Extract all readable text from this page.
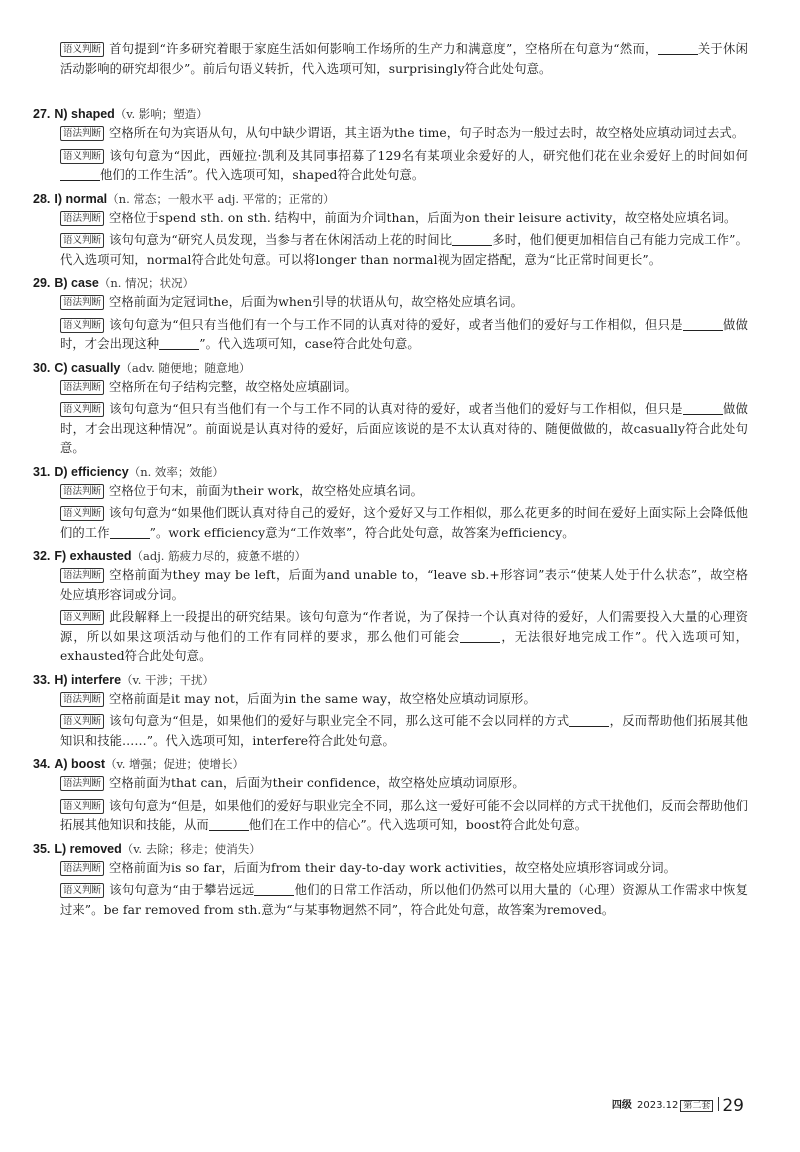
语义判断 首句提到“许多研究着眼于家庭生活如何影响工作场所的生产力和满意度”，空格所在句意为“然而，	关于休闲活动影响的研究却很少”。前后句语义转折，代入选项可知，surprisingly符合此处句意。

27. N) shaped（v. 影响；塑造）

语法判断 空格所在句为宾语从句，从句中缺少谓语，其主语为the time，句子时态为一般过去时，故空格处应填动词过去式。

语义判断 该句句意为“因此，西娅拉·凯利及其同事招募了129名有某项业余爱好的人，研究他们花在业余爱好上的时间如何他们的工作生活”。代入选项可知，shaped符合此处句意。

28. I) normal（n. 常态；一般水平 adj. 平常的；正常的）

语法判断 空格位于spend sth. on sth. 结构中，前面为介词than，后面为on their leisure activity，故空格处应填名词。

语义判断 该句句意为“研究人员发现，当参与者在休闲活动上花的时间比	多时，他们便更加相信自己有能力完成工作”。代入选项可知，normal符合此处句意。可以将longer than normal视为固定搭配，意为“比正常时间更长”。

29. B) case（n. 情况；状况）

语法判断 空格前面为定冠词the，后面为when引导的状语从句，故空格处应填名词。

语义判断 该句句意为“但只有当他们有一个与工作不同的认真对待的爱好，或者当他们的爱好与工作相似，但只是	做做时，才会出现这种	”。代入选项可知，case符合此处句意。

30. C) casually（adv. 随便地；随意地）

语法判断 空格所在句子结构完整，故空格处应填副词。

语义判断 该句句意为“但只有当他们有一个与工作不同的认真对待的爱好，或者当他们的爱好与工作相似，但只是	做做时，才会出现这种情况”。前面说是认真对待的爱好，后面应该说的是不太认真对待的、随便做做的，故casually符合此处句意。

31. D) efficiency（n. 效率；效能）

语法判断 空格位于句末，前面为their work，故空格处应填名词。

语义判断 该句句意为“如果他们既认真对待自己的爱好，这个爱好又与工作相似，那么花更多的时间在爱好上面实际上会降低他们的工作	”。work efficiency意为“工作效率”，符合此处句意，故答案为efficiency。

32. F) exhausted（adj. 筋疲力尽的，疲惫不堪的）

语法判断 空格前面为they may be left，后面为and unable to，“leave sb.+形容词”表示“使某人处于什么状态”，故空格处应填形容词或分词。

语义判断 此段解释上一段提出的研究结果。该句句意为“作者说，为了保持一个认真对待的爱好，人们需要投入大量的心理资源，所以如果这项活动与他们的工作有同样的要求，那么他们可能会	，无法很好地完成工作”。代入选项可知，exhausted符合此处句意。

33. H) interfere（v. 干涉；干扰）

语法判断 空格前面是it may not，后面为in the same way，故空格处应填动词原形。

语义判断 该句句意为“但是，如果他们的爱好与职业完全不同，那么这可能不会以同样的方式	，反而帮助他们拓展其他知识和技能……”。代入选项可知，interfere符合此处句意。

34. A) boost（v. 增强；促进；使增长）

语法判断 空格前面为that can，后面为their confidence，故空格处应填动词原形。

语义判断 该句句意为“但是，如果他们的爱好与职业完全不同，那么这一爱好可能不会以同样的方式干扰他们，反而会帮助他们拓展其他知识和技能，从而	他们在工作中的信心”。代入选项可知，boost符合此处句意。

35. L) removed（v. 去除；移走；使消失）

语法判断 空格前面为is so far，后面为from their day-to-day work activities，故空格处应填形容词或分词。

语义判断 该句句意为“由于攀岩远远	他们的日常工作活动，所以他们仍然可以用大量的（心理）资源从工作需求中恢复过来”。be far removed from sth.意为“与某事物迥然不同”，符合此处句意，故答案为removed。

四级 2023.12 第二套 29
